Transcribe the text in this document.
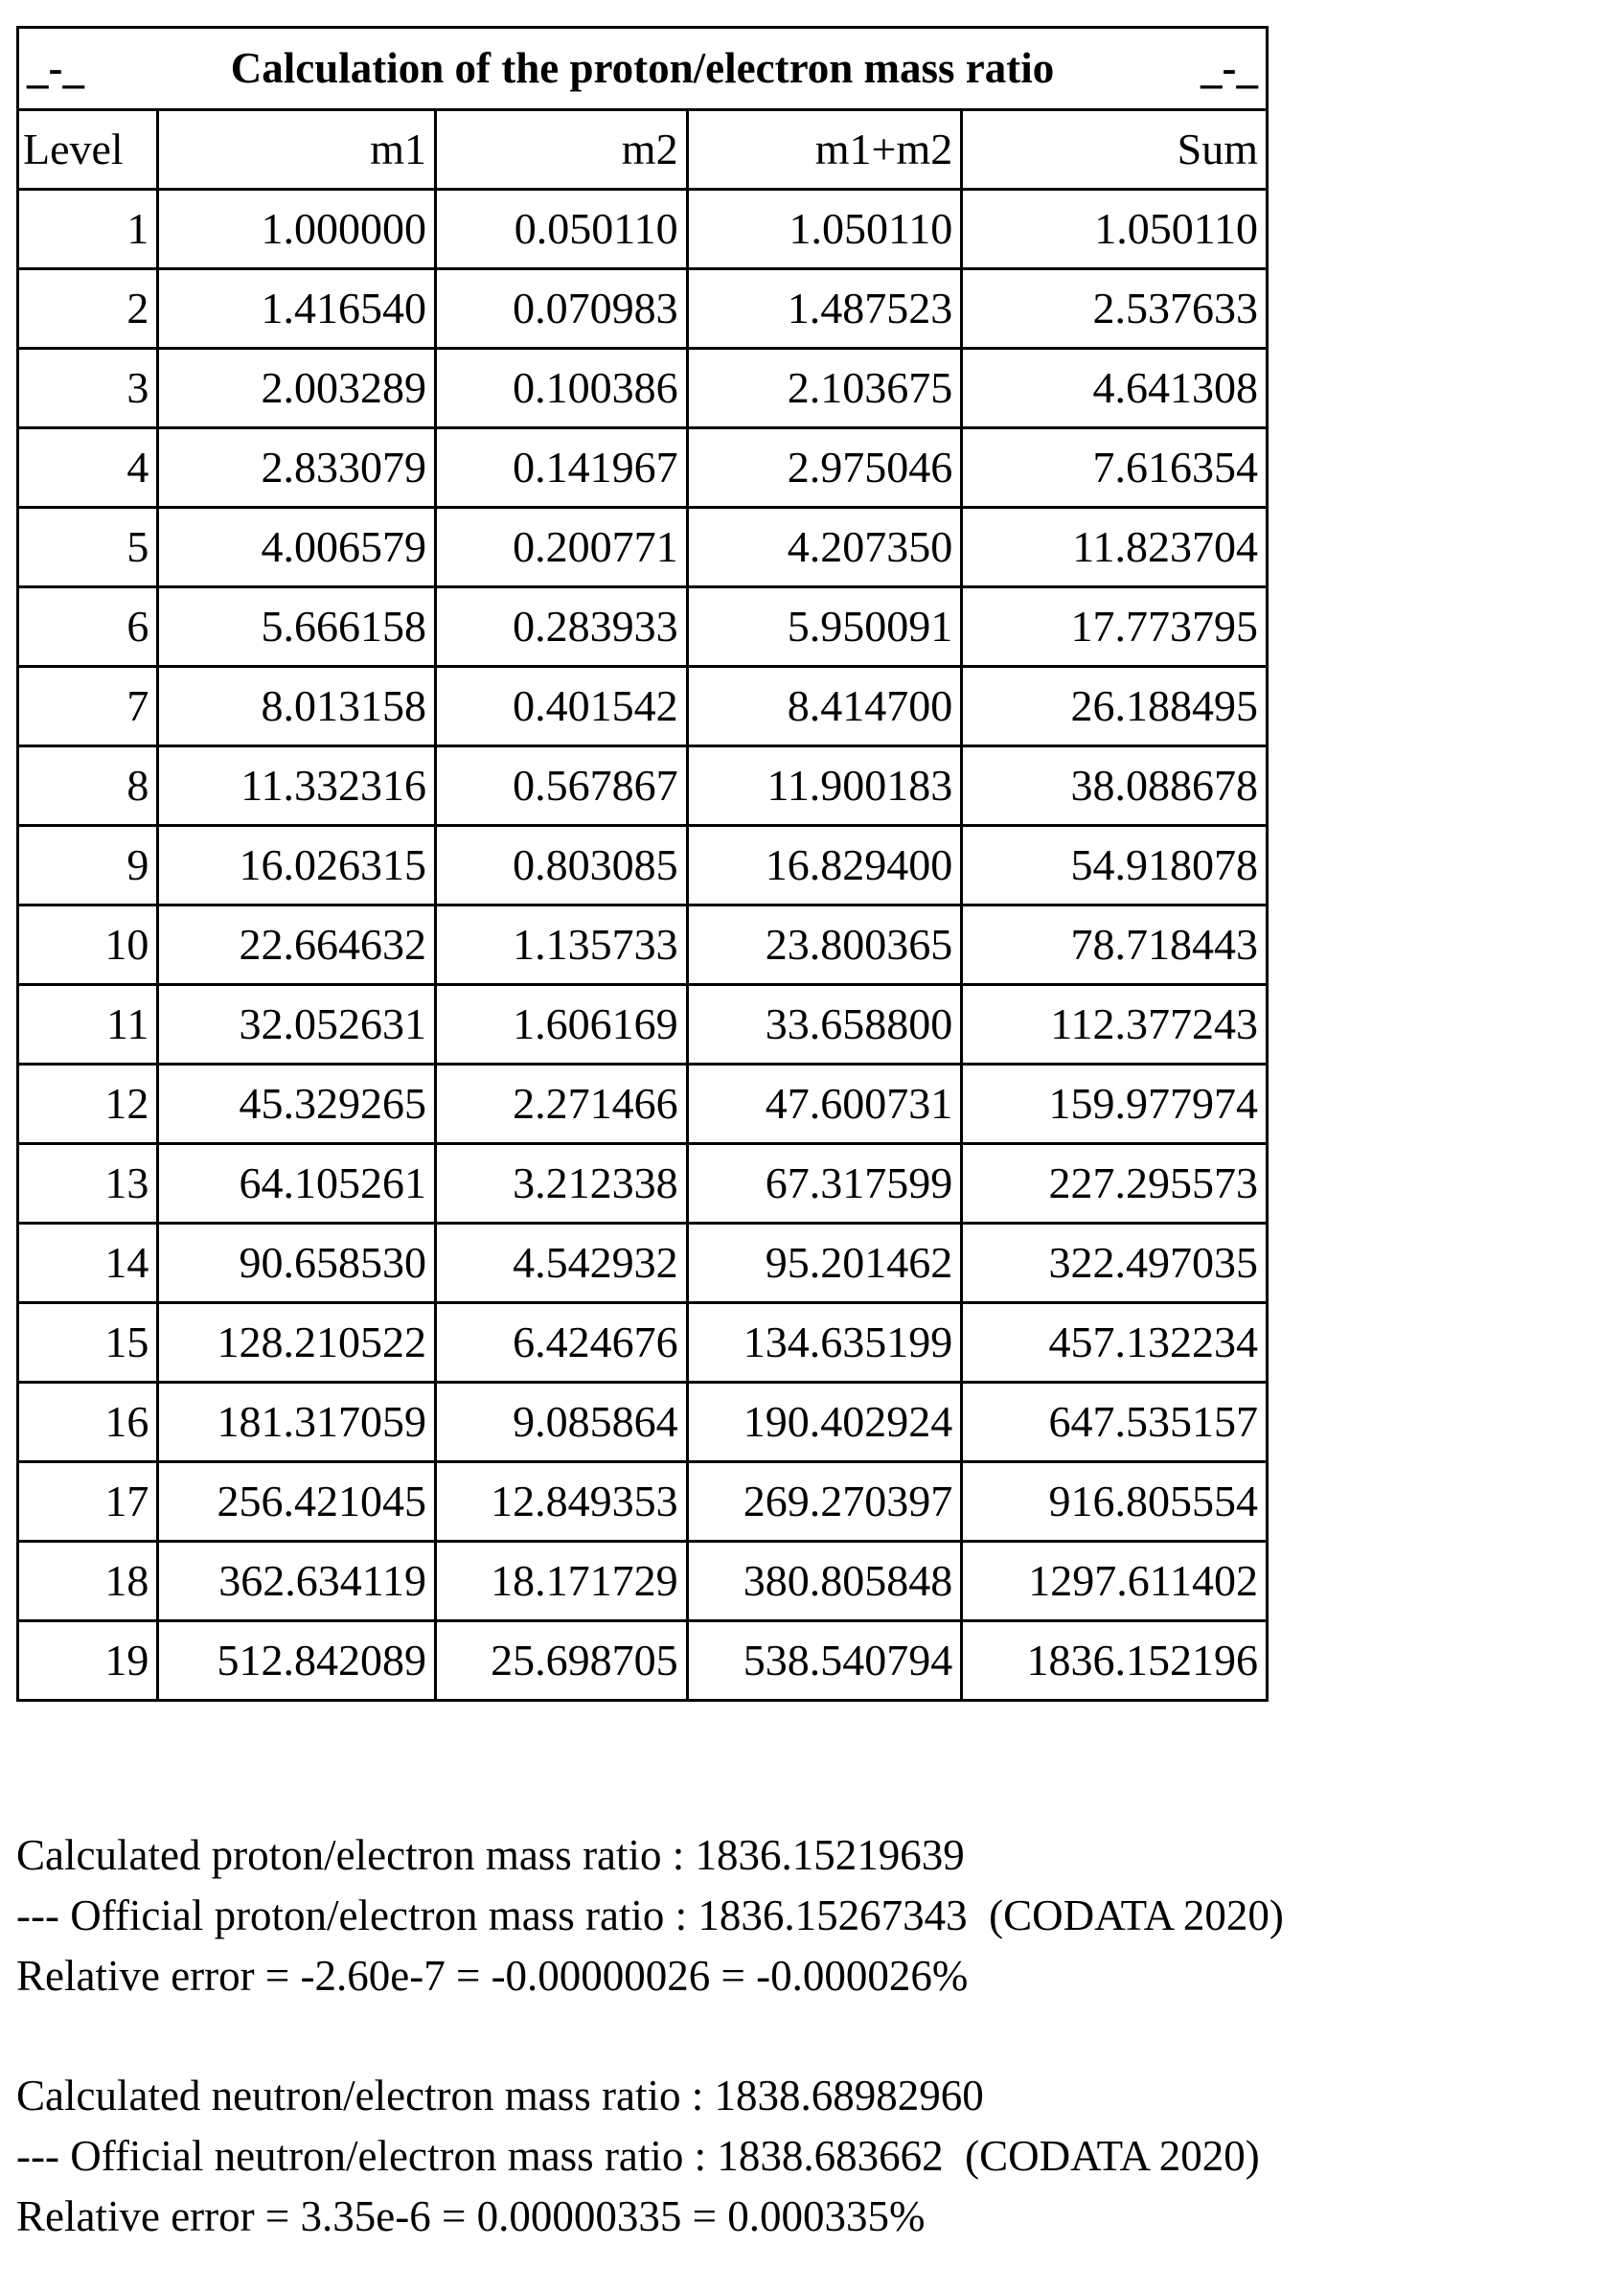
_-_ Calculation of the proton/electron mass ratio _-_				

Level	m1	m2	m1+m2	Sum
1	1.000000	0.050110	1.050110	1.050110
2	1.416540	0.070983	1.487523	2.537633
3	2.003289	0.100386	2.103675	4.641308
4	2.833079	0.141967	2.975046	7.616354
5	4.006579	0.200771	4.207350	11.823704
6	5.666158	0.283933	5.950091	17.773795
7	8.013158	0.401542	8.414700	26.188495
8	11.332316	0.567867	11.900183	38.088678
9	16.026315	0.803085	16.829400	54.918078
10	22.664632	1.135733	23.800365	78.718443
11	32.052631	1.606169	33.658800	112.377243
12	45.329265	2.271466	47.600731	159.977974
13	64.105261	3.212338	67.317599	227.295573
14	90.658530	4.542932	95.201462	322.497035
15	128.210522	6.424676	134.635199	457.132234
16	181.317059	9.085864	190.402924	647.535157
17	256.421045	12.849353	269.270397	916.805554
18	362.634119	18.171729	380.805848	1297.611402
19	512.842089	25.698705	538.540794	1836.152196

Calculated proton/electron mass ratio : 1836.15219639

--- Official proton/electron mass ratio : 1836.15267343  (CODATA 2020)

Relative error = -2.60e-7 = -0.00000026 = -0.000026%

Calculated neutron/electron mass ratio : 1838.68982960

--- Official neutron/electron mass ratio : 1838.683662  (CODATA 2020)

Relative error = 3.35e-6 = 0.00000335 = 0.000335%
